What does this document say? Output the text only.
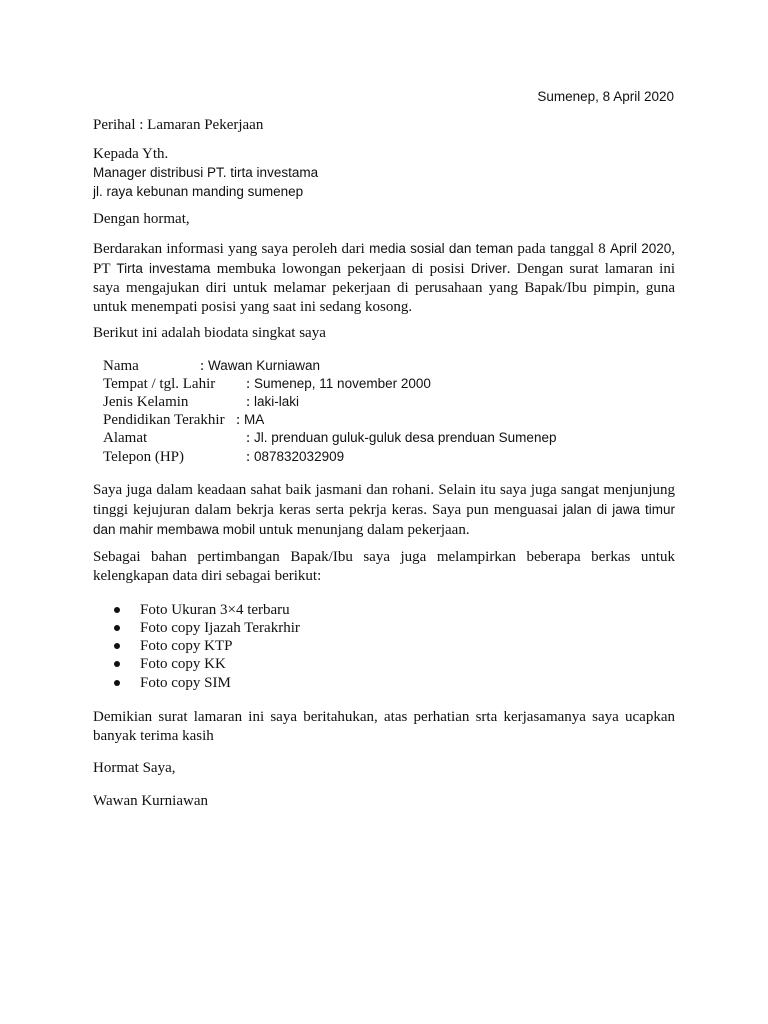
Sumenep, 8 April 2020
Perihal : Lamaran Pekerjaan
Kepada Yth.
Manager distribusi PT. tirta investama
jl. raya kebunan manding sumenep
Dengan hormat,
Berdarakan informasi yang saya peroleh dari media sosial dan teman pada tanggal 8 April 2020, PT Tirta investama membuka lowongan pekerjaan di posisi Driver. Dengan surat lamaran ini saya mengajukan diri untuk melamar pekerjaan di perusahaan yang Bapak/Ibu pimpin, guna untuk menempati posisi yang saat ini sedang kosong.
Berikut ini adalah biodata singkat saya
Nama	: Wawan Kurniawan
Tempat / tgl. Lahir : Sumenep, 11 november 2000
Jenis Kelamin	: laki-laki
Pendidikan Terakhir : MA
Alamat	: Jl. prenduan guluk-guluk desa prenduan Sumenep
Telepon (HP)	: 087832032909
Saya juga dalam keadaan sahat baik jasmani dan rohani. Selain itu saya juga sangat menjunjung tinggi kejujuran dalam bekrja keras serta pekrja keras. Saya pun menguasai jalan di jawa timur dan mahir membawa mobil untuk menunjang dalam pekerjaan.
Sebagai bahan pertimbangan Bapak/Ibu saya juga melampirkan beberapa berkas untuk kelengkapan data diri sebagai berikut:
Foto Ukuran 3×4 terbaru
Foto copy Ijazah Terakrhir
Foto copy KTP
Foto copy KK
Foto copy SIM
Demikian surat lamaran ini saya beritahukan, atas perhatian srta kerjasamanya saya ucapkan banyak terima kasih
Hormat Saya,
Wawan Kurniawan
